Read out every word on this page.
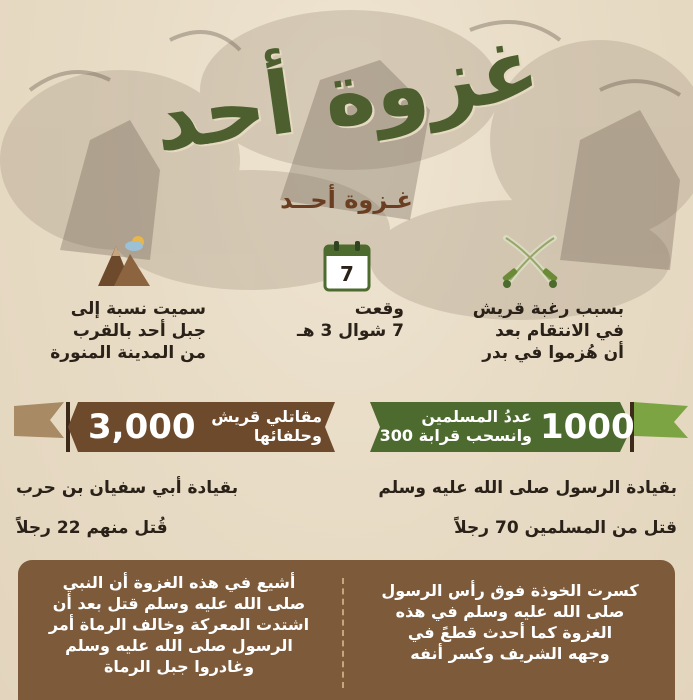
غزوة أحد
غـزوة أحــد
7

بسبب رغبة قريش

في الانتقام بعد

أن هُزموا في بدر

وقعت

7 شوال 3 هـ

سميت نسبة إلى

جبل أحد بالقرب

من المدينة المنورة

1000
عددُ المسلمين
وانسحب قرابة 300
3,000 مقاتلي قريش
وحلفائها
بقيادة الرسول صلى الله عليه وسلم
قتل من المسلمين 70 رجلاً
بقيادة أبي سفيان بن حرب
قُتل منهم 22 رجلاً

كسرت الخوذة فوق رأس الرسول

صلى الله عليه وسلم في هذه

الغزوة كما أحدث قطعً في

وجهه الشريف وكسر أنفه

أشيع في هذه الغزوة أن النبي

صلى الله عليه وسلم قتل بعد أن

اشتدت المعركة وخالف الرماة أمر

الرسول صلى الله عليه وسلم

وغادروا جبل الرماة
